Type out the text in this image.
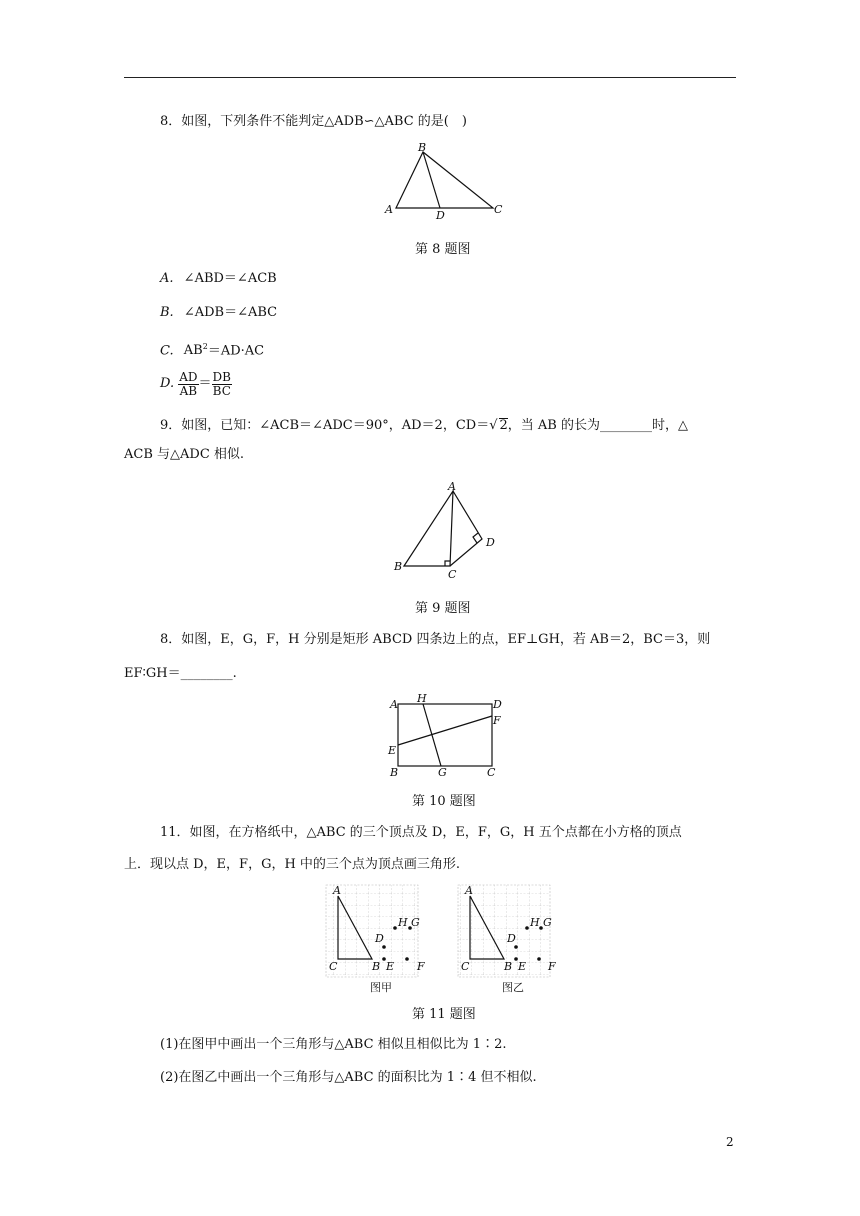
8．如图，下列条件不能判定△ADB∽△ABC 的是(　)
B
A	D	C
第 8 题图
A. ∠ABD＝∠ACB
B. ∠ADB＝∠ABC
C. $AB^2=AD\cdot AC$
D. $\frac{AD}{AB} = \frac{DB}{BC}$
9．如图，已知：∠ACB＝∠ADC＝90°，AD＝2，CD＝√ 2，当 AB 的长为________时，△
ACB 与△ADC 相似.
A
B
C
D
第 9 题图
8．如图，E，G，F，H 分别是矩形 ABCD 四条边上的点，EF⊥GH，若 AB＝2，BC＝3，则
EF∶GH＝________.
A H	D
F
E
B	G	C
第 10 题图
11．如图，在方格纸中，△ABC 的三个顶点及 D，E，F，G，H 五个点都在小方格的顶点
上．现以点 D，E，F，G，H 中的三个点为顶点画三角形.
A
C	B E F
D
H G
A
C	B E F
D
H G
图甲	图乙
第 11 题图
(1)在图甲中画出一个三角形与△ABC 相似且相似比为 1∶2.
(2)在图乙中画出一个三角形与△ABC 的面积比为 1∶4 但不相似.
2
